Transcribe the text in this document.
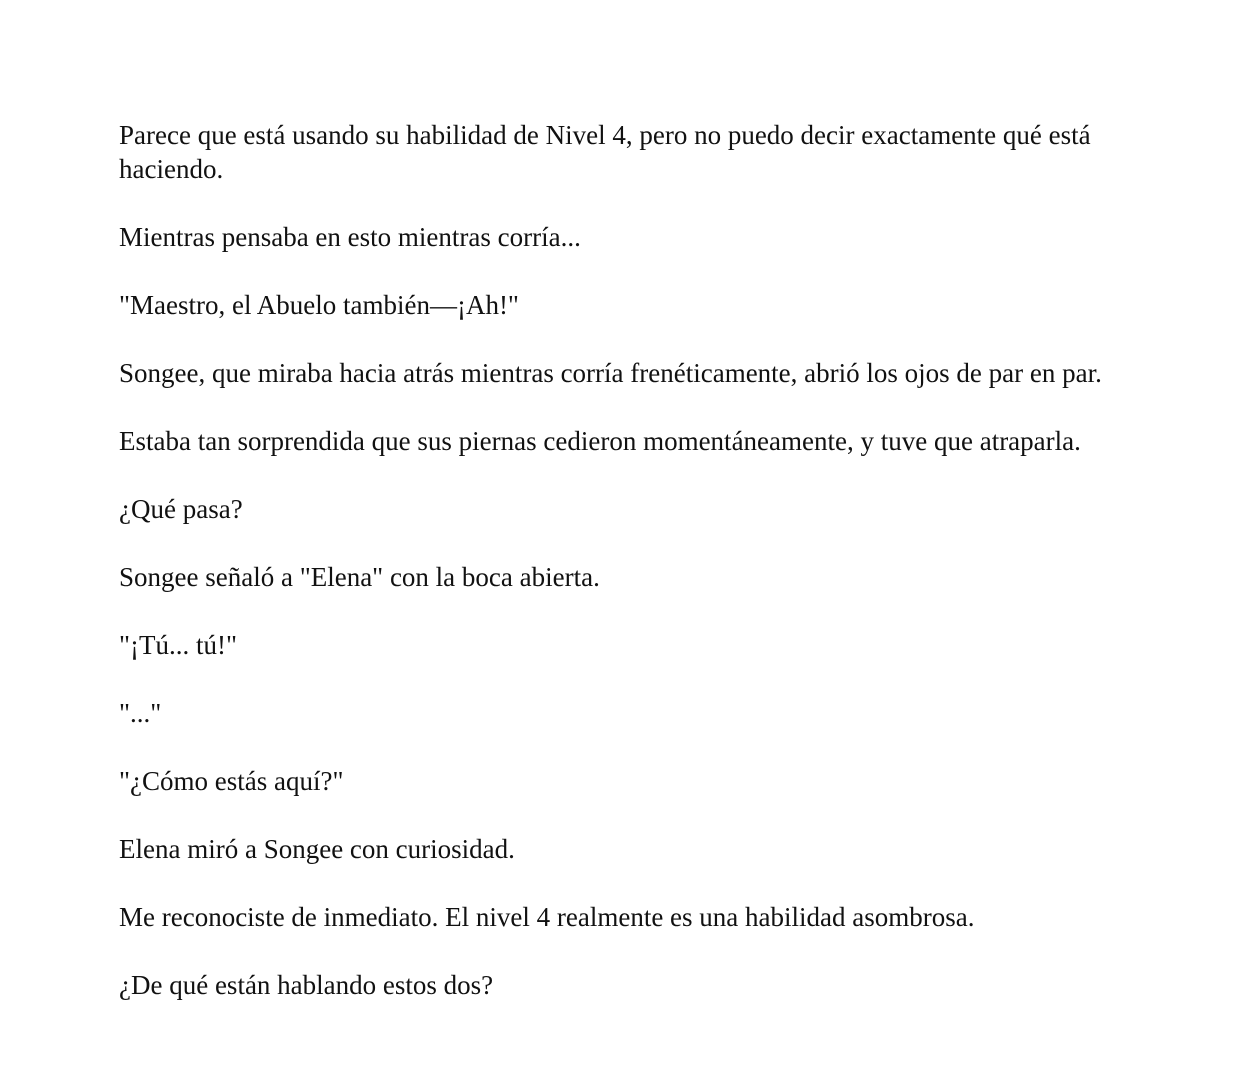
Parece que está usando su habilidad de Nivel 4, pero no puedo decir exactamente qué está haciendo.

Mientras pensaba en esto mientras corría...

"Maestro, el Abuelo también—¡Ah!"

Songee, que miraba hacia atrás mientras corría frenéticamente, abrió los ojos de par en par.

Estaba tan sorprendida que sus piernas cedieron momentáneamente, y tuve que atraparla.

¿Qué pasa?

Songee señaló a "Elena" con la boca abierta.

"¡Tú... tú!"

"..."

"¿Cómo estás aquí?"

Elena miró a Songee con curiosidad.

Me reconociste de inmediato. El nivel 4 realmente es una habilidad asombrosa.

¿De qué están hablando estos dos?
